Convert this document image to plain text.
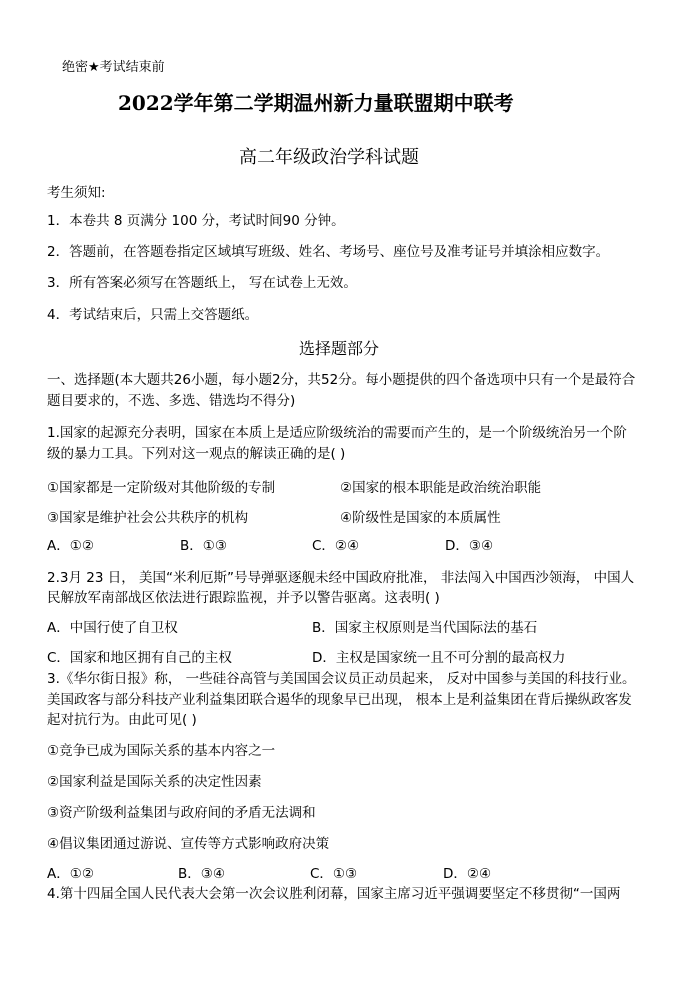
绝密★考试结束前
2022学年第二学期温州新力量联盟期中联考
高二年级政治学科试题
考生须知:
1．本卷共 8 页满分 100 分，考试时间90 分钟。
2．答题前，在答题卷指定区域填写班级、姓名、考场号、座位号及准考证号并填涂相应数字。
3．所有答案必须写在答题纸上， 写在试卷上无效。
4．考试结束后，只需上交答题纸。
选择题部分
一、选择题(本大题共26小题，每小题2分，共52分。每小题提供的四个备选项中只有一个是最符合
题目要求的，不选、多选、错选均不得分)
1.国家的起源充分表明，国家在本质上是适应阶级统治的需要而产生的，是一个阶级统治另一个阶
级的暴力工具。下列对这一观点的解读正确的是( )
①国家都是一定阶级对其他阶级的专制	②国家的根本职能是政治统治职能
③国家是维护社会公共秩序的机构	④阶级性是国家的本质属性
A．①②	B．①③	C．②④	D．③④
2.3月 23 日， 美国“米利厄斯”号导弹驱逐舰未经中国政府批准， 非法闯入中国西沙领海， 中国人
民解放军南部战区依法进行跟踪监视，并予以警告驱离。这表明( )
A．中国行使了自卫权	B．国家主权原则是当代国际法的基石
C．国家和地区拥有自己的主权	D．主权是国家统一且不可分割的最高权力
3.《华尔街日报》称， 一些硅谷高管与美国国会议员正动员起来， 反对中国参与美国的科技行业。
美国政客与部分科技产业利益集团联合遏华的现象早已出现， 根本上是利益集团在背后操纵政客发
起对抗行为。由此可见( )
①竞争已成为国际关系的基本内容之一
②国家利益是国际关系的决定性因素
③资产阶级利益集团与政府间的矛盾无法调和
④倡议集团通过游说、宣传等方式影响政府决策
A．①②	B．③④	C．①③	D．②④
4.第十四届全国人民代表大会第一次会议胜利闭幕，国家主席习近平强调要坚定不移贯彻“一国两
